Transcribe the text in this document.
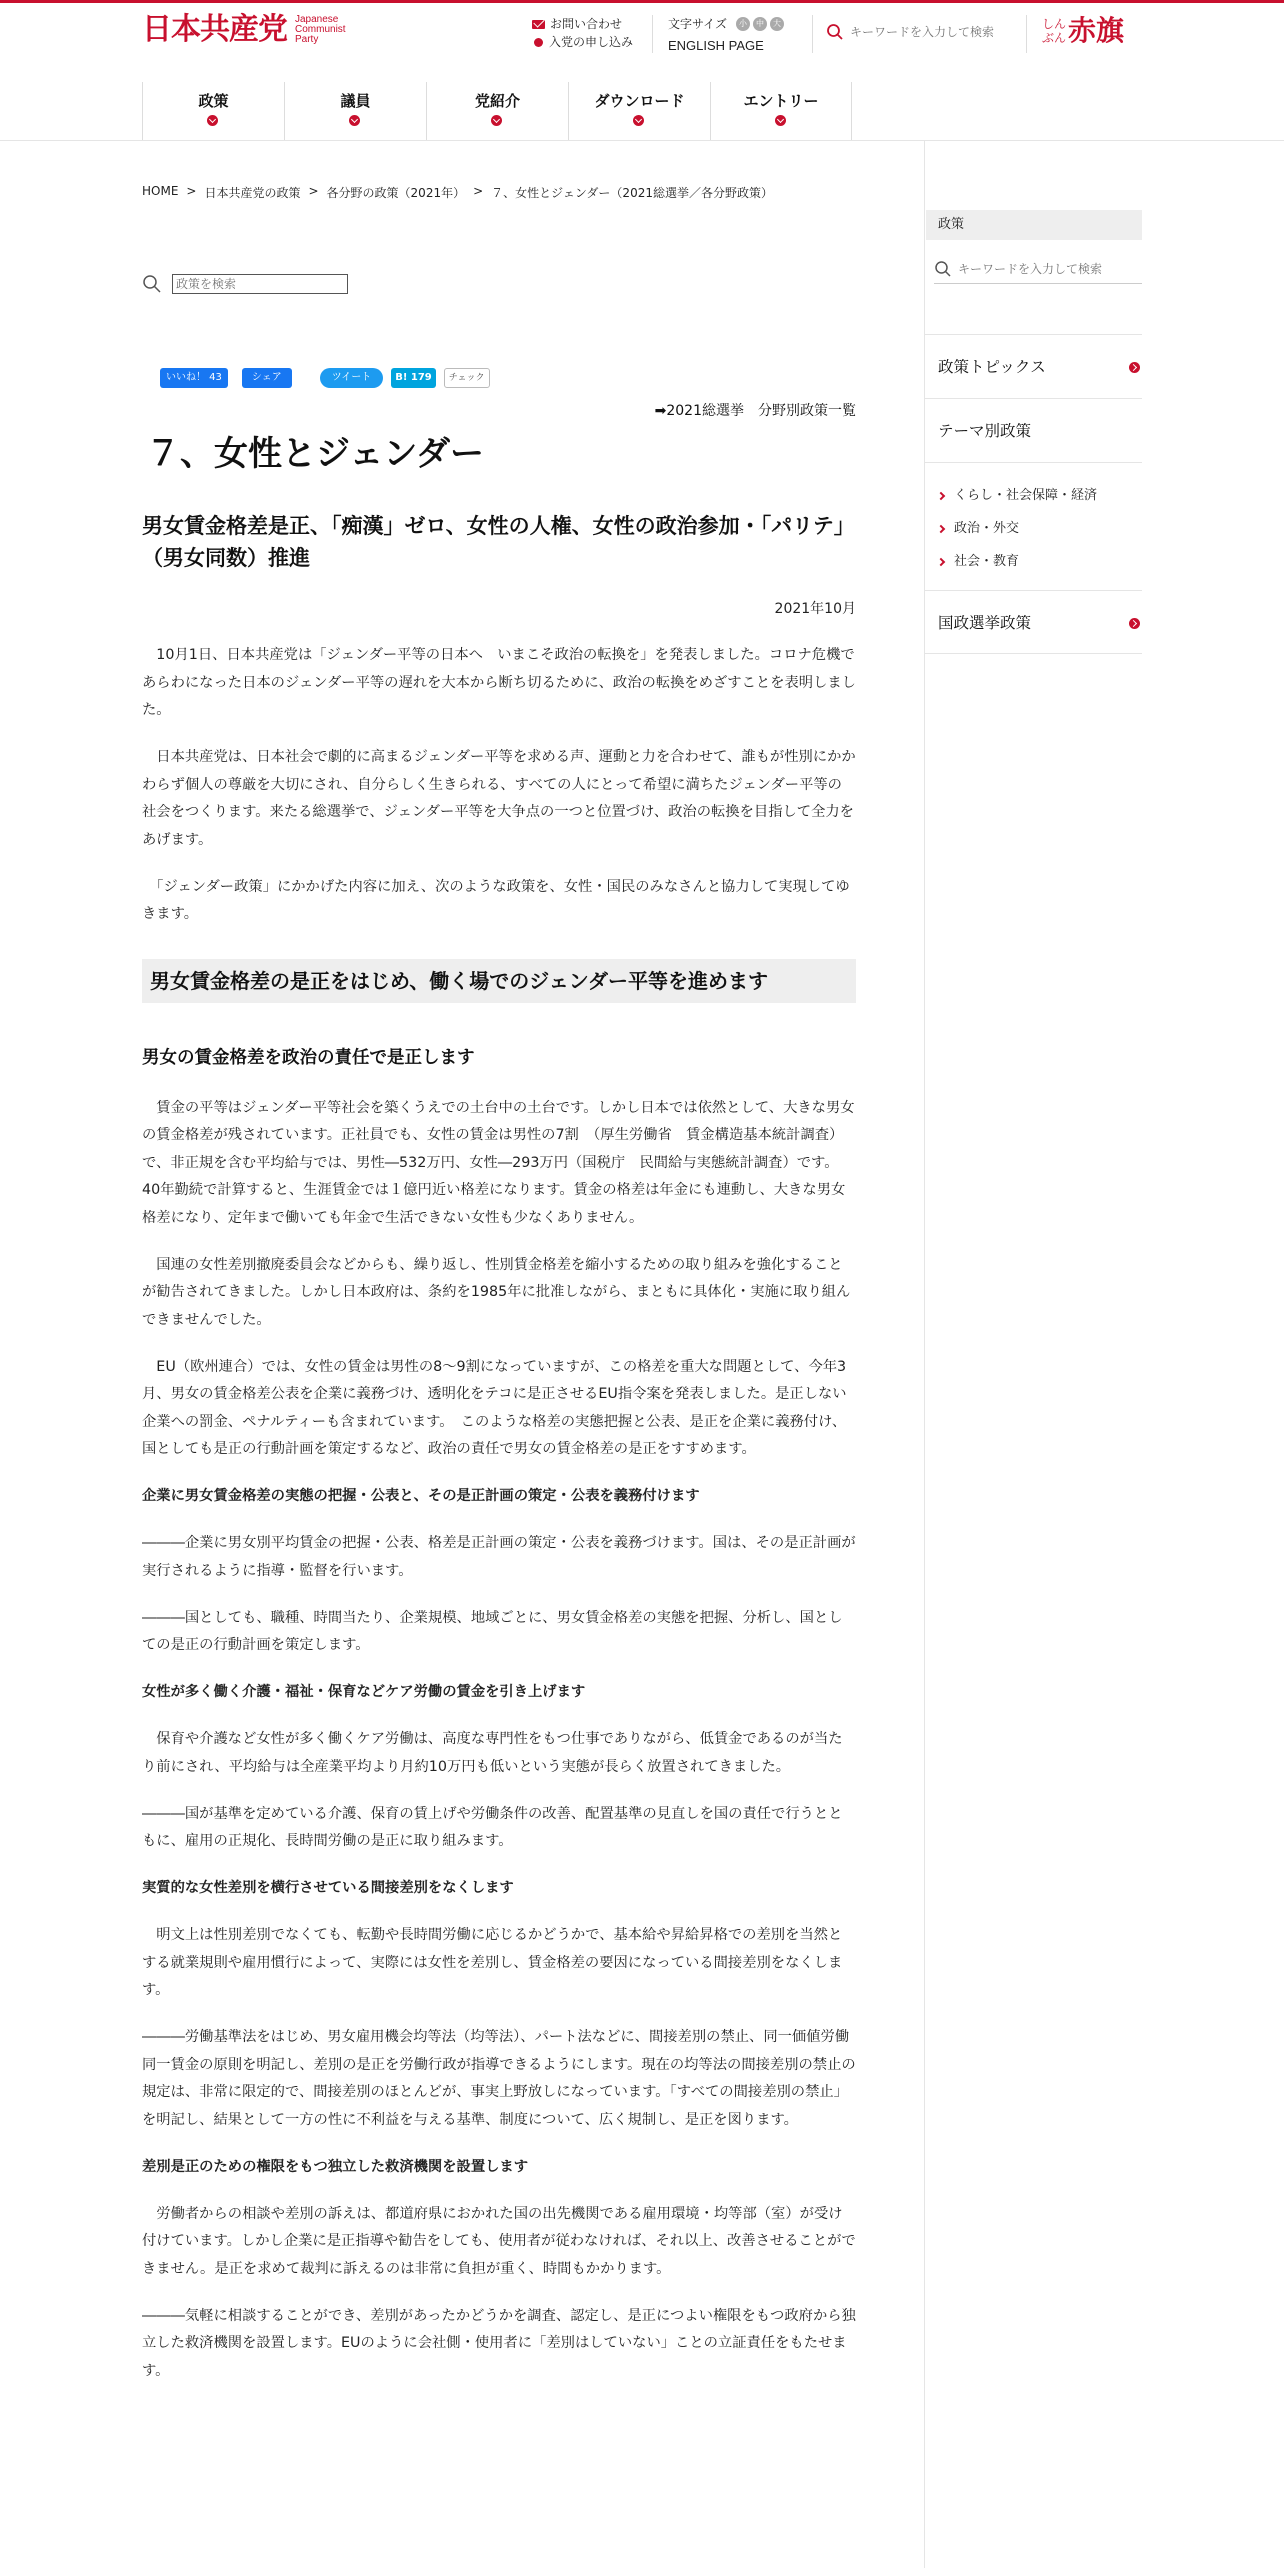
日本共産党 Japanese
Communist
Party
お問い合わせ
入党の申し込み
文字サイズ	小	中	大
ENGLISH PAGE
キーワードを入力して検索
しんぶん 赤旗
政策	議員	党紹介	ダウンロード	エントリー
HOME > 日本共産党の政策 > 各分野の政策（2021年） > ７、女性とジェンダー（2021総選挙／各分野政策）
政策を検索
いいね！ 43	シェア	ツイート	B! 179	チェック
➡2021総選挙　分野別政策一覧
７、女性とジェンダー
男女賃金格差是正、「痴漢」ゼロ、女性の人権、女性の政治参加・「パリテ」（男女同数）推進
2021年10月

　10月1日、日本共産党は「ジェンダー平等の日本へ　いまこそ政治の転換を」を発表しました。コロナ危機であらわになった日本のジェンダー平等の遅れを大本から断ち切るために、政治の転換をめざすことを表明しました。

　日本共産党は、日本社会で劇的に高まるジェンダー平等を求める声、運動と力を合わせて、誰もが性別にかかわらず個人の尊厳を大切にされ、自分らしく生きられる、すべての人にとって希望に満ちたジェンダー平等の社会をつくります。来たる総選挙で、ジェンダー平等を大争点の一つと位置づけ、政治の転換を目指して全力をあげます。

　「ジェンダー政策」にかかげた内容に加え、次のような政策を、女性・国民のみなさんと協力して実現してゆきます。

男女賃金格差の是正をはじめ、働く場でのジェンダー平等を進めます
男女の賃金格差を政治の責任で是正します

　賃金の平等はジェンダー平等社会を築くうえでの土台中の土台です。しかし日本では依然として、大きな男女の賃金格差が残されています。正社員でも、女性の賃金は男性の7割　（厚生労働省　賃金構造基本統計調査）で、非正規を含む平均給与では、男性―532万円、女性―293万円（国税庁　民間給与実態統計調査）です。40年勤続で計算すると、生涯賃金では１億円近い格差になります。賃金の格差は年金にも連動し、大きな男女格差になり、定年まで働いても年金で生活できない女性も少なくありません。

　国連の女性差別撤廃委員会などからも、繰り返し、性別賃金格差を縮小するための取り組みを強化することが勧告されてきました。しかし日本政府は、条約を1985年に批准しながら、まともに具体化・実施に取り組んできませんでした。

　EU（欧州連合）では、女性の賃金は男性の8～9割になっていますが、この格差を重大な問題として、今年3月、男女の賃金格差公表を企業に義務づけ、透明化をテコに是正させるEU指令案を発表しました。是正しない企業への罰金、ペナルティーも含まれています。　このような格差の実態把握と公表、是正を企業に義務付け、国としても是正の行動計画を策定するなど、政治の責任で男女の賃金格差の是正をすすめます。

企業に男女賃金格差の実態の把握・公表と、その是正計画の策定・公表を義務付けます

―――企業に男女別平均賃金の把握・公表、格差是正計画の策定・公表を義務づけます。国は、その是正計画が実行されるように指導・監督を行います。

―――国としても、職種、時間当たり、企業規模、地域ごとに、男女賃金格差の実態を把握、分析し、国としての是正の行動計画を策定します。

女性が多く働く介護・福祉・保育などケア労働の賃金を引き上げます

　保育や介護など女性が多く働くケア労働は、高度な専門性をもつ仕事でありながら、低賃金であるのが当たり前にされ、平均給与は全産業平均より月約10万円も低いという実態が長らく放置されてきました。

―――国が基準を定めている介護、保育の賃上げや労働条件の改善、配置基準の見直しを国の責任で行うとともに、雇用の正規化、長時間労働の是正に取り組みます。

実質的な女性差別を横行させている間接差別をなくします

　明文上は性別差別でなくても、転勤や長時間労働に応じるかどうかで、基本給や昇給昇格での差別を当然とする就業規則や雇用慣行によって、実際には女性を差別し、賃金格差の要因になっている間接差別をなくします。

―――労働基準法をはじめ、男女雇用機会均等法（均等法）、パート法などに、間接差別の禁止、同一価値労働同一賃金の原則を明記し、差別の是正を労働行政が指導できるようにします。現在の均等法の間接差別の禁止の規定は、非常に限定的で、間接差別のほとんどが、事実上野放しになっています。「すべての間接差別の禁止」を明記し、結果として一方の性に不利益を与える基準、制度について、広く規制し、是正を図ります。

差別是正のための権限をもつ独立した救済機関を設置します

　労働者からの相談や差別の訴えは、都道府県におかれた国の出先機関である雇用環境・均等部（室）が受け付けています。しかし企業に是正指導や勧告をしても、使用者が従わなければ、それ以上、改善させることができません。是正を求めて裁判に訴えるのは非常に負担が重く、時間もかかります。

―――気軽に相談することができ、差別があったかどうかを調査、認定し、是正につよい権限をもつ政府から独立した救済機関を設置します。EUのように会社側・使用者に「差別はしていない」ことの立証責任をもたせます。

政策
キーワードを入力して検索
政策トピックス
テーマ別政策
くらし・社会保障・経済
政治・外交
社会・教育
国政選挙政策
